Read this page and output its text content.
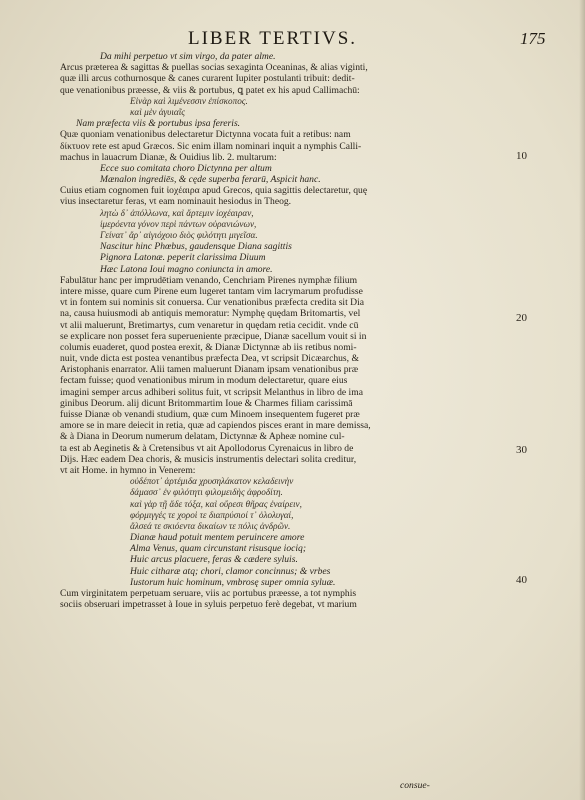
LIBER TERTIVS.	175
Da mihi perpetuo vt sim virgo, da pater alme.
Arcus præterea & sagittas & puellas socias sexaginta Oceaninas, & alias viginti,
quæ illi arcus cothurnosque & canes curarent Iupiter postulanti tribuit: dedit-
que venationibus præesse, & viis & portubus, ꝗ patet ex his apud Callimachū:
Εἰνὰρ καὶ λιμένεσσιν ἐπίσκοπος.
καὶ μὲν ἀγυιαῖς
Nam præfecta viis & portubus ipsa fereris.
Quæ quoniam venationibus delectaretur Dictynna vocata fuit a retibus: nam
δίκτυον rete est apud Græcos. Sic enim illam nominari inquit a nymphis Calli-
machus in lauacrum Dianæ, & Ouidius lib. 2. multarum:
Ecce suo comitata choro Dictynna per altum
Mænalon ingrediēs, & cęde superba ferarū, Aspicit hanc.
Cuius etiam cognomen fuit ἰοχέαιρα apud Grecos, quia sagittis delectaretur, quę
vius insectaretur feras, vt eam nominauit hesiodus in Theog.
λητὼ δ᾽ ἀπόλλωνα, καὶ ἄρτεμιν ἰοχέαιραν,
ἱμερόεντα γόνον περὶ πάντων οὐρανιώνων,
Γείνατ᾽ ἄρ᾽ αἰγιόχοιο διὸς φιλότητι μιγεῖσα.
Nascitur hinc Phœbus, gaudensque Diana sagittis
Pignora Latonæ. peperit clarissima Diuum
Hæc Latona Ioui magno coniuncta in amore.
Fabulātur hanc per imprudētiam venando, Cenchriam Pirenes nymphæ filium
intere misse, quare cum Pirene eum lugeret tantam vim lacrymarum profudisse
vt in fontem sui nominis sit conuersa. Cur venationibus præfecta credita sit Dia
na, causa huiusmodi ab antiquis memoratur: Nymphę quędam Britomartis, vel
vt alii maluerunt, Bretimartys, cum venaretur in quędam retia cecidit. vnde cū
se explicare non posset fera superueniente præcipue, Dianæ sacellum vouit si in
columis euaderet, quod postea erexit, & Dianæ Dictynnæ ab iis retibus nomi-
nuit, vnde dicta est postea venantibus præfecta Dea, vt scripsit Dicæarchus, &
Aristophanis enarrator. Alii tamen maluerunt Dianam ipsam venationibus præ
fectam fuisse; quod venationibus mirum in modum delectaretur, quare eius
imagini semper arcus adhiberi solitus fuit, vt scripsit Melanthus in libro de ima
ginibus Deorum. alij dicunt Britommartim Ioue & Charmes filiam carissimā
fuisse Dianæ ob venandi studium, quæ cum Minoem insequentem fugeret præ
amore se in mare deiecit in retia, quæ ad capiendos pisces erant in mare demissa,
& à Diana in Deorum numerum delatam, Dictynnæ & Apheæ nomine cul-
ta est ab Aeginetis & à Cretensibus vt ait Apollodorus Cyrenaicus in libro de
Dijs. Hæc eadem Dea choris, & musicis instrumentis delectari solita creditur,
vt ait Home. in hymno in Venerem:
οὐδέποτ᾽ ἀρτέμιδα χρυσηλάκατον κελαδεινὴν
δάμασσ᾽ ἐν φιλότητι φιλομειδὴς ἀφροδίτη.
καὶ γὰρ τῇ ἅδε τόξα, καὶ οὔρεσι θῆρας ἐναίρειν,
φόρμιγγές τε χοροὶ τε διαπρύσιοί τ᾽ ὀλολυγαί,
ἄλσεά τε σκιόεντα δικαίων τε πόλις ἀνδρῶν.
Dianæ haud potuit mentem peruincere amore
Alma Venus, quam circunstant risusque iociq;
Huic arcus placuere, feras & cædere syluis.
Huic citharæ atq; chori, clamor concinnus; & vrbes
Iustorum huic hominum, vmbrosę super omnia syluæ.
Cum virginitatem perpetuam seruare, viis ac portubus præesse, a tot nymphis
sociis obseruari impetrasset à Ioue in syluis perpetuo ferè degebat, vt marium
10
20
30
40
consue-
